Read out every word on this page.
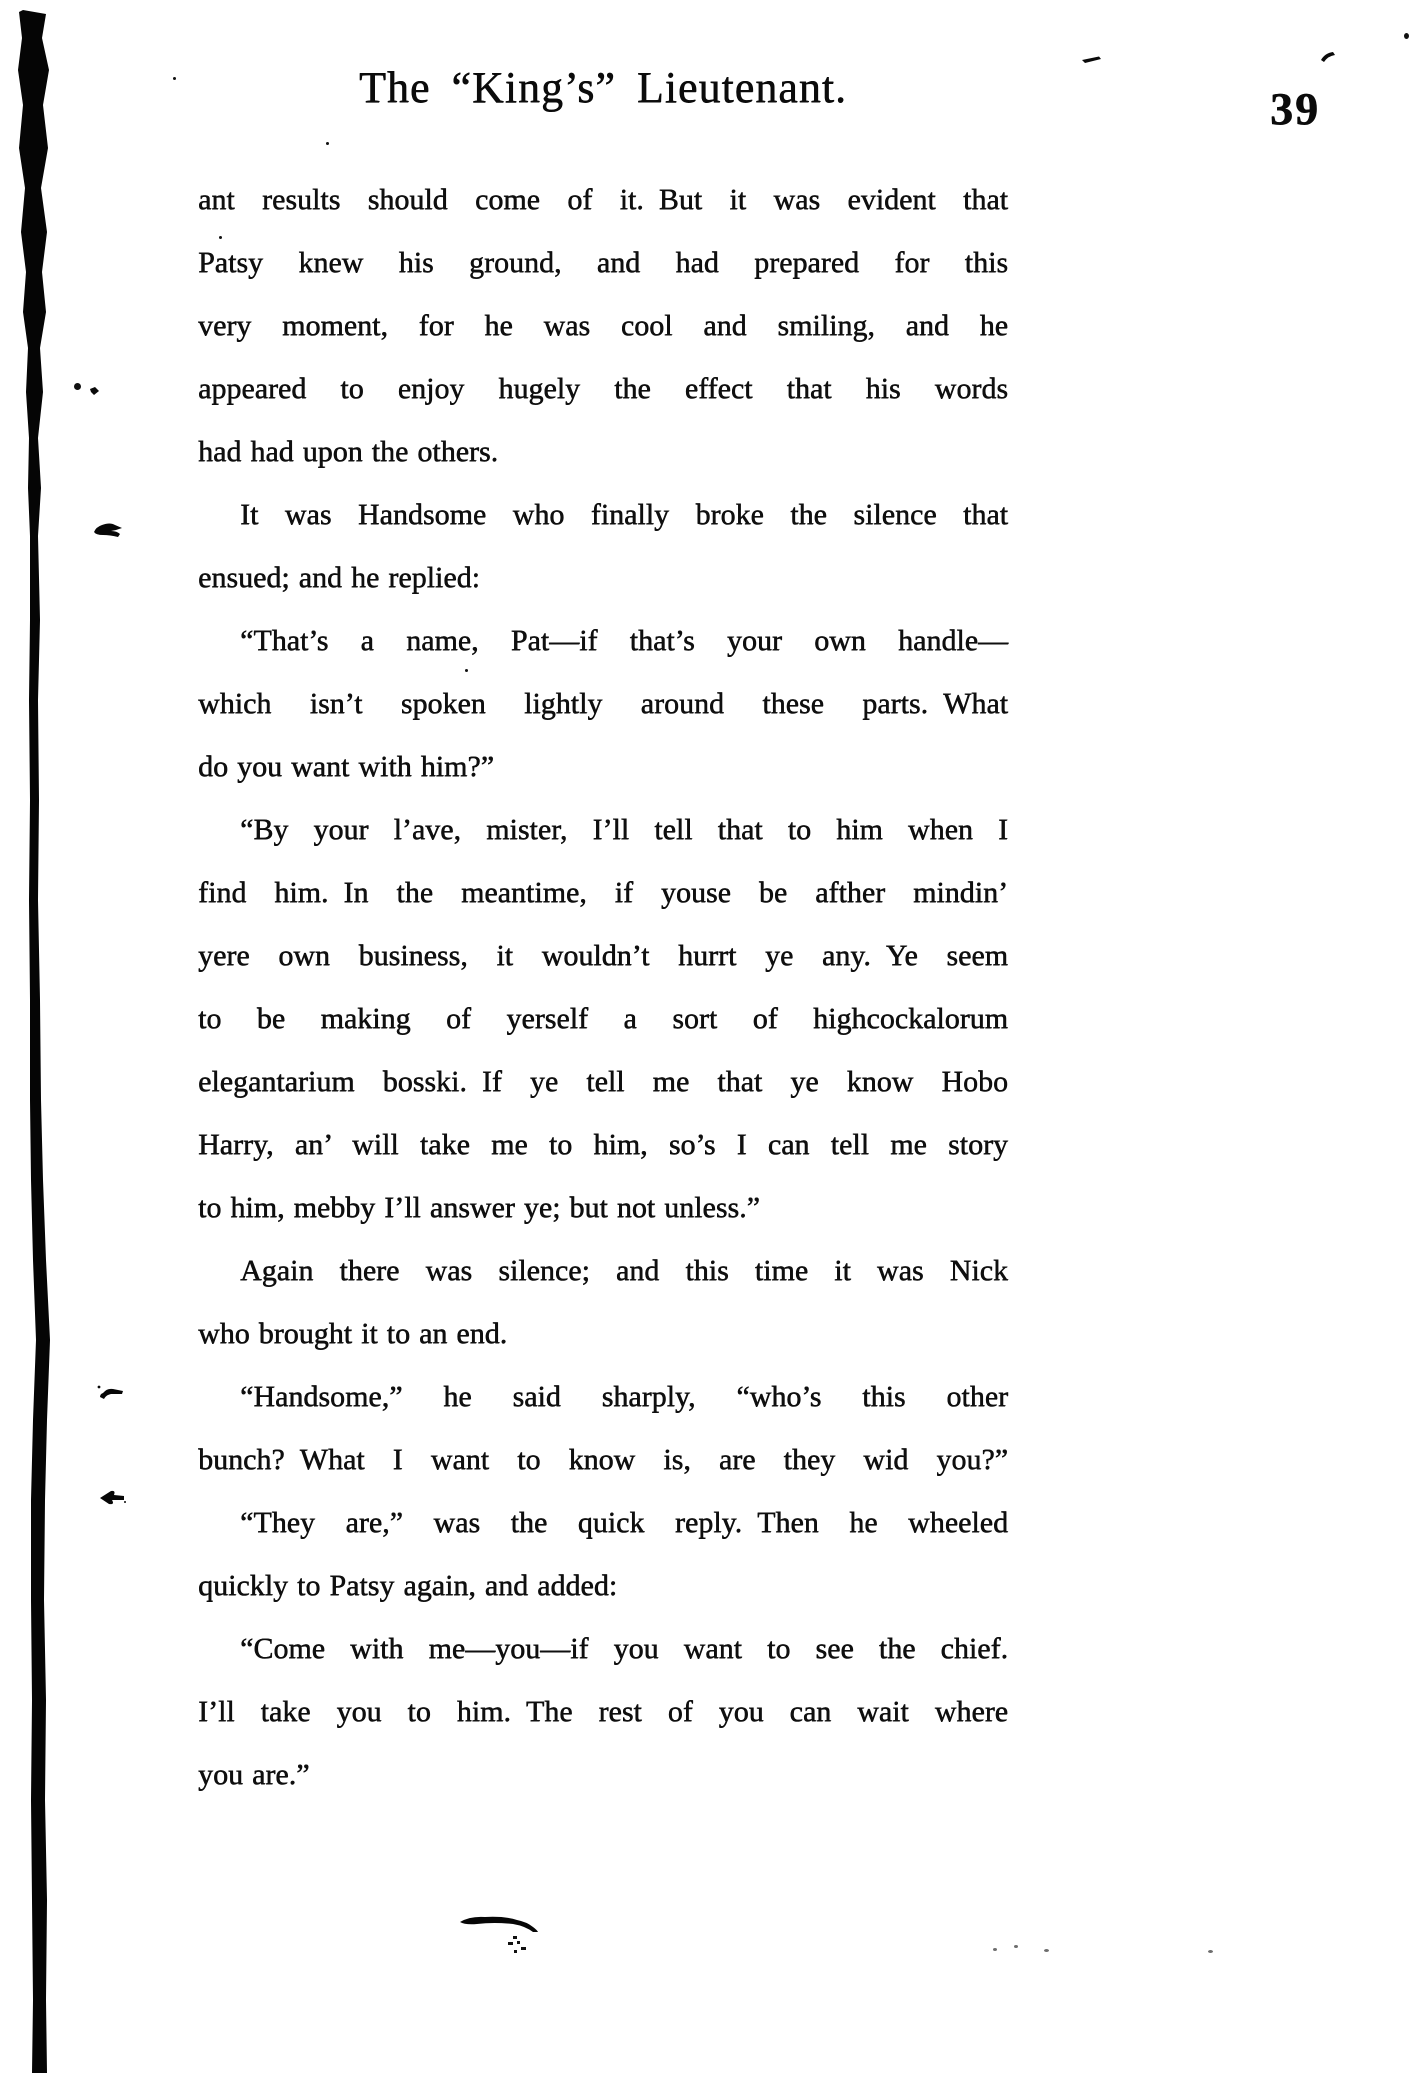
The “King’s” Lieutenant.	39

ant results should come of it. But it was evident that
Patsy knew his ground, and had prepared for this
very moment, for he was cool and smiling, and he
appeared to enjoy hugely the effect that his words
had had upon the others.

It was Handsome who finally broke the silence that
ensued; and he replied:

“That’s a name, Pat—if that’s your own handle—
which isn’t spoken lightly around these parts. What
do you want with him?”

“By your l’ave, mister, I’ll tell that to him when I
find him. In the meantime, if youse be afther mindin’
yere own business, it wouldn’t hurrt ye any. Ye seem
to be making of yerself a sort of highcockalorum
elegantarium bosski. If ye tell me that ye know Hobo
Harry, an’ will take me to him, so’s I can tell me story
to him, mebby I’ll answer ye; but not unless.”

Again there was silence; and this time it was Nick
who brought it to an end.

“Handsome,” he said sharply, “who’s this other
bunch? What I want to know is, are they wid you?”

“They are,” was the quick reply. Then he wheeled
quickly to Patsy again, and added:

“Come with me—you—if you want to see the chief.
I’ll take you to him. The rest of you can wait where
you are.”
